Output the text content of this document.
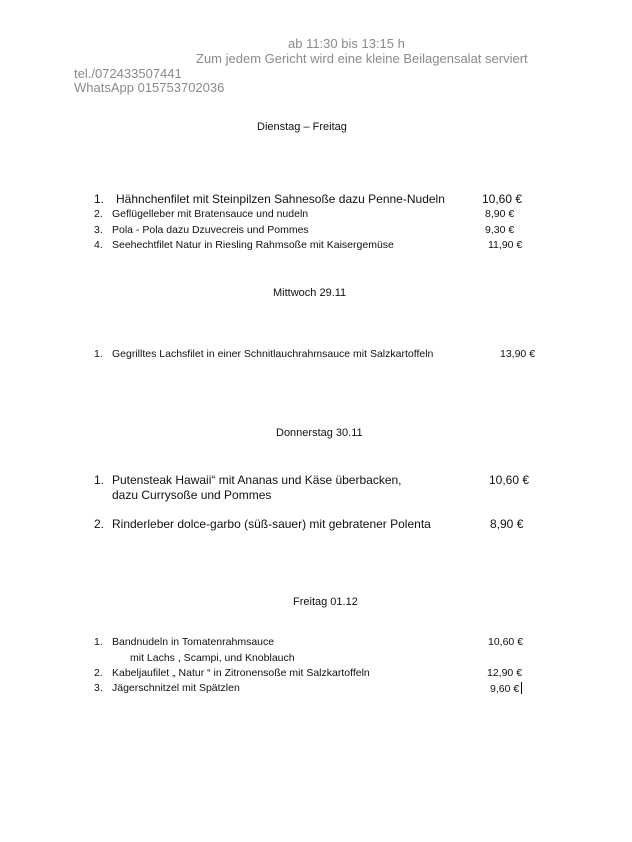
ab 11:30 bis 13:15 h
Zum jedem Gericht wird eine kleine Beilagensalat serviert
tel./072433507441
WhatsApp 015753702036
Dienstag – Freitag
1. Hähnchenfilet mit Steinpilzen Sahnesoße dazu Penne-Nudeln	10,60 €
2. Geflügelleber mit Bratensauce und nudeln	8,90 €
3. Pola - Pola dazu Dzuvecreis und Pommes	9,30 €
4. Seehechtfilet Natur in Riesling Rahmsoße mit Kaisergemüse	11,90 €
Mittwoch 29.11
1. Gegrilltes Lachsfilet in einer Schnitlauchrahmsauce mit Salzkartoffeln	13,90 €
Donnerstag 30.11
1. Putensteak Hawaii“ mit Ananas und Käse überbacken,
dazu Currysoße und Pommes
10,60 €
2. Rinderleber dolce-garbo (süß-sauer) mit gebratener Polenta	8,90 €
Freitag 01.12
1. Bandnudeln in Tomatenrahmsauce
mit Lachs , Scampi, und Knoblauch
10,60 €
2. Kabeljaufilet „ Natur “ in Zitronensoße mit Salzkartoffeln	12,90 €
3. Jägerschnitzel mit Spätzlen	9,60 €
